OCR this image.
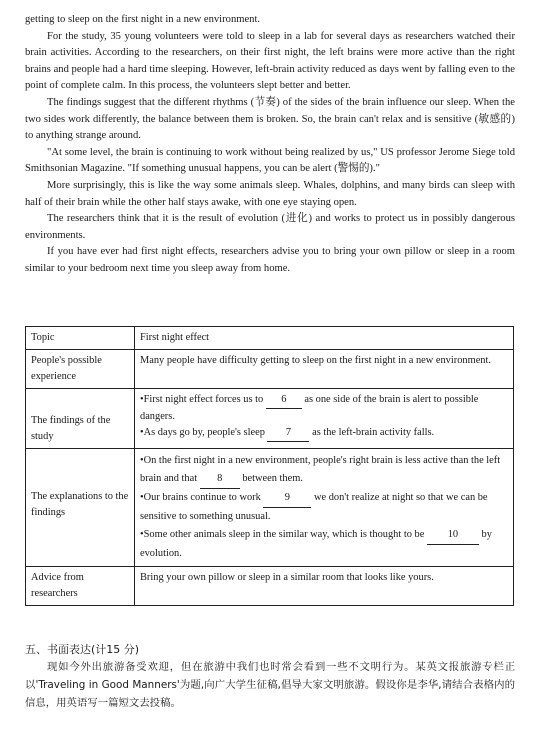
getting to sleep on the first night in a new environment.

For the study, 35 young volunteers were told to sleep in a lab for several days as researchers watched their brain activities. According to the researchers, on their first night, the left brains were more active than the right brains and people had a hard time sleeping. However, left-brain activity reduced as days went by falling even to the point of complete calm. In this process, the volunteers slept better and better.

The findings suggest that the different rhythms (节奏) of the sides of the brain influence our sleep. When the two sides work differently, the balance between them is broken. So, the brain can't relax and is sensitive (敏感的) to anything strange around.

"At some level, the brain is continuing to work without being realized by us," US professor Jerome Siege told Smithsonian Magazine. "If something unusual happens, you can be alert (警惕的)."

More surprisingly, this is like the way some animals sleep. Whales, dolphins, and many birds can sleep with half of their brain while the other half stays awake, with one eye staying open.

The researchers think that it is the result of evolution (进化) and works to protect us in possibly dangerous environments.

If you have ever had first night effects, researchers advise you to bring your own pillow or sleep in a room similar to your bedroom next time you sleep away from home.

Topic	First night effect
People's possible experience	Many people have difficulty getting to sleep on the first night in a new environment.
The findings of the study	•First night effect forces us to 6 as one side of the brain is alert to possible dangers.
•As days go by, people's sleep 7 as the left-brain activity falls.

The explanations to the findings	•On the first night in a new environment, people's right brain is less active than the left brain and that 8 between them.
•Our brains continue to work 9 we don't realize at night so that we can be sensitive to something unusual.
•Some other animals sleep in the similar way, which is thought to be 10 by evolution.

Advice from researchers	Bring your own pillow or sleep in a similar room that looks like yours.
五、书面表达(计15 分)

现如今外出旅游备受欢迎，但在旅游中我们也时常会看到一些不文明行为。某英文报旅游专栏正以'Traveling in Good Manners'为题,向广大学生征稿,倡导大家文明旅游。假设你是李华,请结合表格内的信息，用英语写一篇短文去投稿。
